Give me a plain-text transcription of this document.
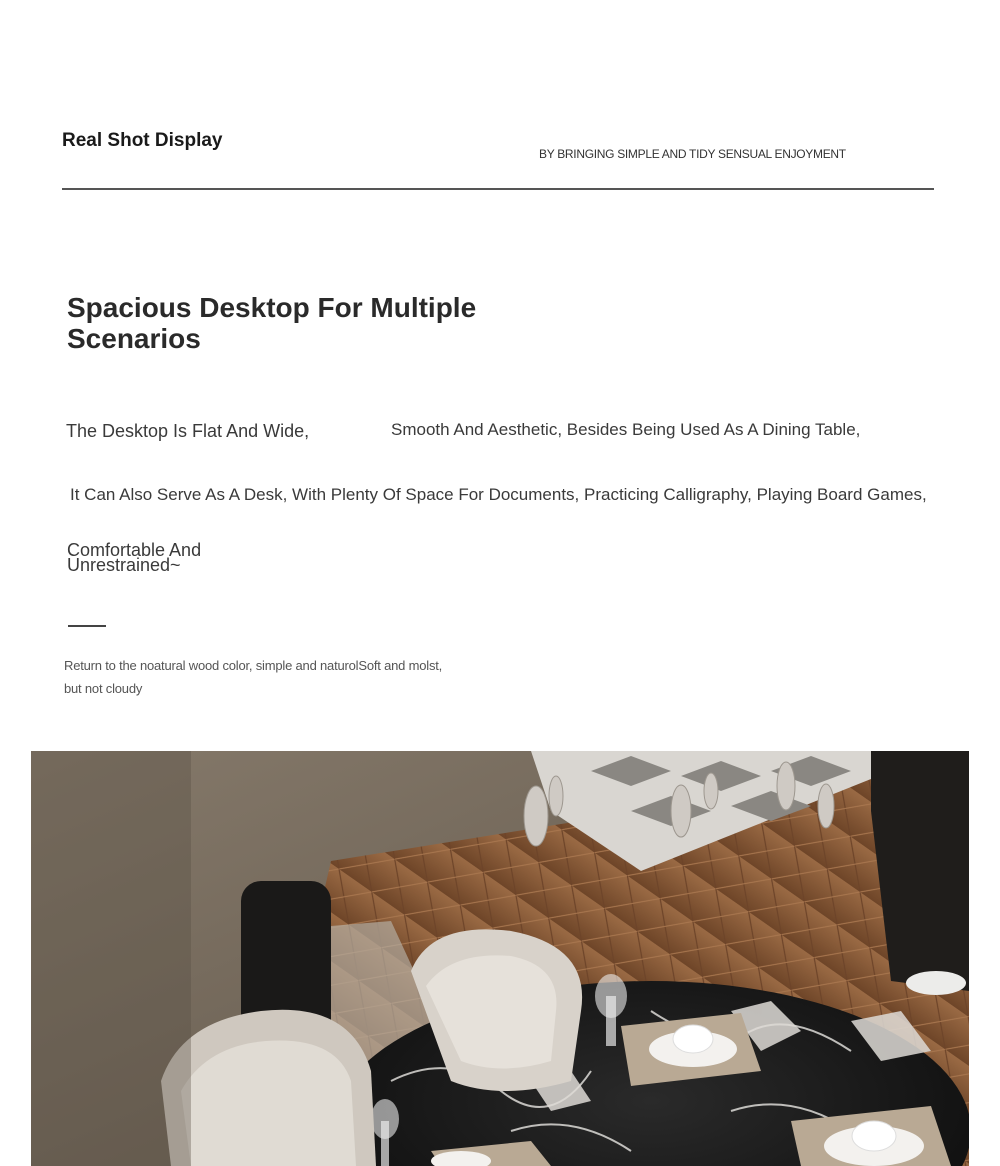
Real Shot Display
BY BRINGING SIMPLE AND TIDY SENSUAL ENJOYMENT
Spacious Desktop For Multiple Scenarios
The Desktop Is Flat And Wide,	Smooth And Aesthetic, Besides Being Used As A Dining Table,
It Can Also Serve As A Desk, With Plenty Of Space For Documents, Practicing Calligraphy, Playing Board Games,
Comfortable And Unrestrained~
Return to the noatural wood color, simple and naturolSoft and molst, but not cloudy
